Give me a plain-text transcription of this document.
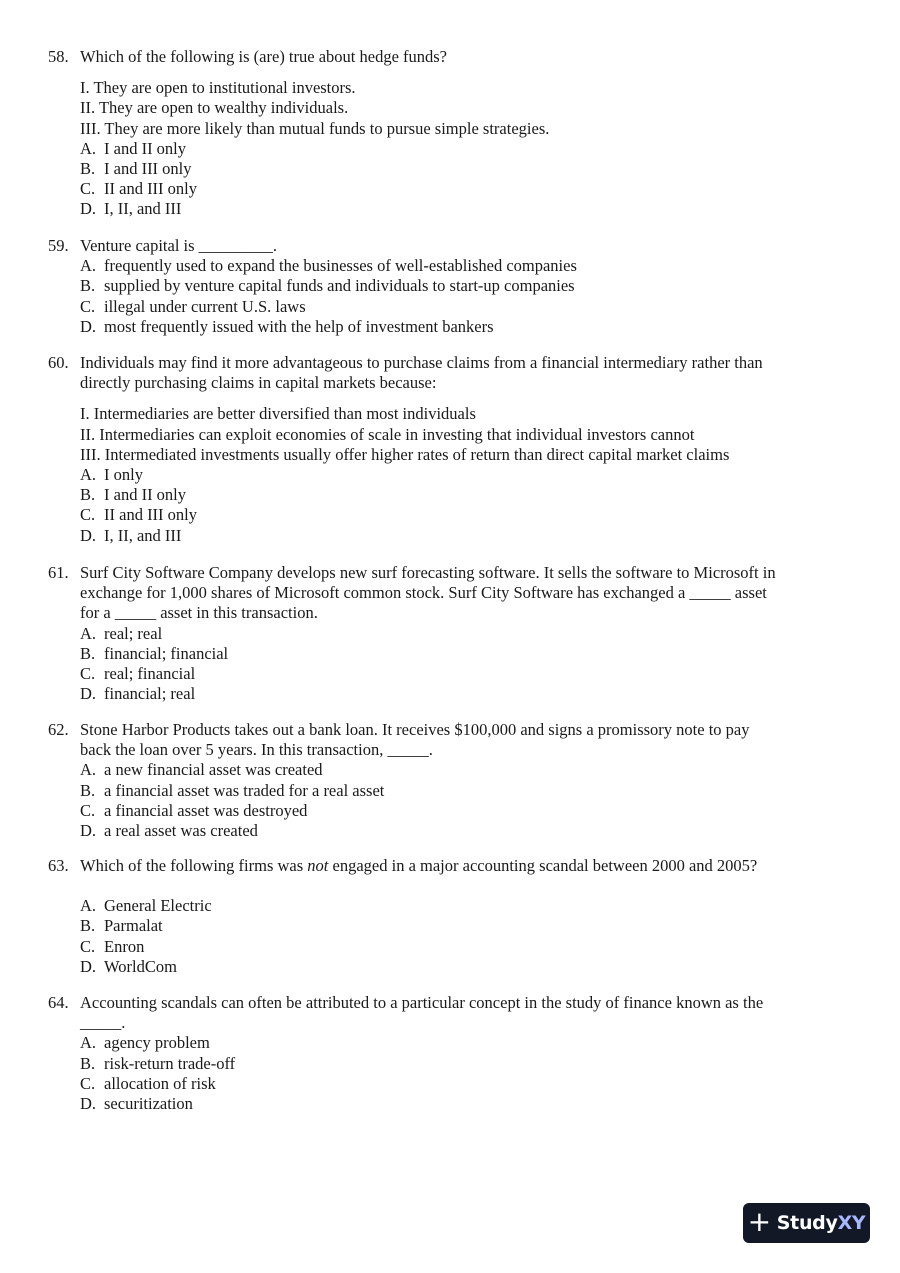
58. Which of the following is (are) true about hedge funds?
I. They are open to institutional investors.
II. They are open to wealthy individuals.
III. They are more likely than mutual funds to pursue simple strategies.
A. I and II only
B. I and III only
C. II and III only
D. I, II, and III
59. Venture capital is _________.
A. frequently used to expand the businesses of well-established companies
B. supplied by venture capital funds and individuals to start-up companies
C. illegal under current U.S. laws
D. most frequently issued with the help of investment bankers
60. Individuals may find it more advantageous to purchase claims from a financial intermediary rather than
directly purchasing claims in capital markets because:
I. Intermediaries are better diversified than most individuals
II. Intermediaries can exploit economies of scale in investing that individual investors cannot
III. Intermediated investments usually offer higher rates of return than direct capital market claims
A. I only
B. I and II only
C. II and III only
D. I, II, and III
61. Surf City Software Company develops new surf forecasting software. It sells the software to Microsoft in
exchange for 1,000 shares of Microsoft common stock. Surf City Software has exchanged a _____ asset
for a _____ asset in this transaction.
A. real; real
B. financial; financial
C. real; financial
D. financial; real
62. Stone Harbor Products takes out a bank loan. It receives $100,000 and signs a promissory note to pay
back the loan over 5 years. In this transaction, _____.
A. a new financial asset was created
B. a financial asset was traded for a real asset
C. a financial asset was destroyed
D. a real asset was created
63. Which of the following firms was not engaged in a major accounting scandal between 2000 and 2005?
A. General Electric
B. Parmalat
C. Enron
D. WorldCom
64. Accounting scandals can often be attributed to a particular concept in the study of finance known as the
_____.
A. agency problem
B. risk-return trade-off
C. allocation of risk
D. securitization
+ StudyXY
